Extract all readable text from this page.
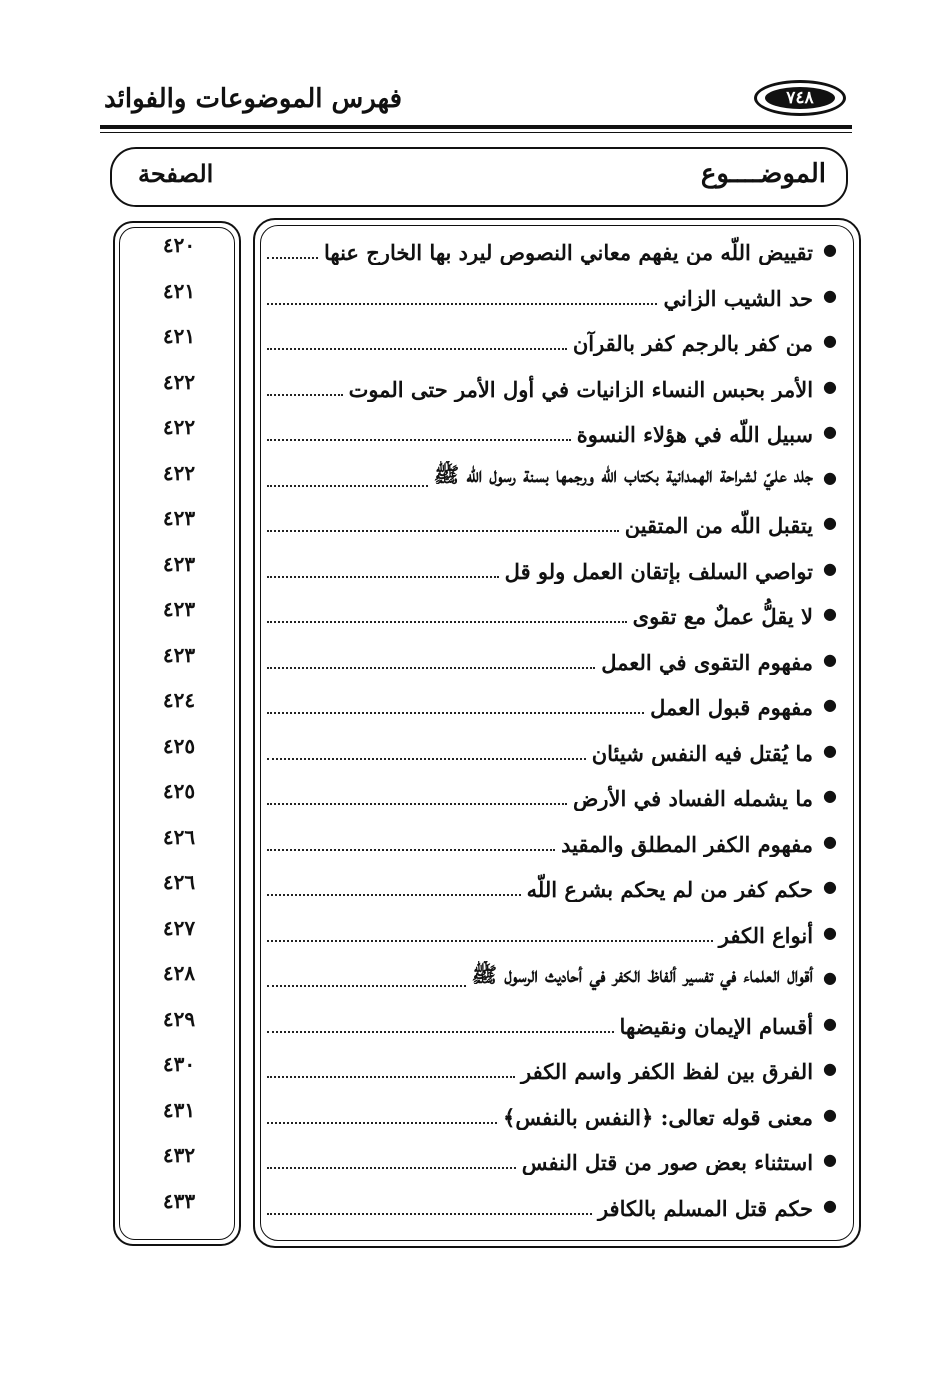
فهرس الموضوعات والفوائد	٧٤٨
الموضــــوع
الصفحة
●
تقييض اللّه من يفهم معاني النصوص ليرد بها الخارج عنها
٤٢٠
●
حد الشيب الزاني
٤٢١
●
من كفر بالرجم كفر بالقرآن
٤٢١
●
الأمر بحبس النساء الزانيات في أول الأمر حتى الموت
٤٢٢
●
سبيل اللّه في هؤلاء النسوة
٤٢٢
●
جلد عليّ لشراحة الهمدانية بكتاب اللّه ورجمها بسنة رسول اللّه ﷺ
٤٢٢
●
يتقبل اللّه من المتقين
٤٢٣
●
تواصي السلف بإتقان العمل ولو قل
٤٢٣
●
لا يقلُّ عملٌ مع تقوى
٤٢٣
●
مفهوم التقوى في العمل
٤٢٣
●
مفهوم قبول العمل
٤٢٤
●
ما يُقتل فيه النفس شيئان
٤٢٥
●
ما يشمله الفساد في الأرض
٤٢٥
●
مفهوم الكفر المطلق والمقيد
٤٢٦
●
حكم كفر من لم يحكم بشرع اللّه
٤٢٦
●
أنواع الكفر
٤٢٧
●
أقوال العلماء في تفسير ألفاظ الكفر في أحاديث الرسول ﷺ
٤٢٨
●
أقسام الإيمان ونقيضها
٤٢٩
●
الفرق بين لفظ الكفر واسم الكفر
٤٣٠
●
معنى قوله تعالى: ﴿النفس بالنفس﴾
٤٣١
●
استثناء بعض صور من قتل النفس
٤٣٢
●
حكم قتل المسلم بالكافر
٤٣٣
